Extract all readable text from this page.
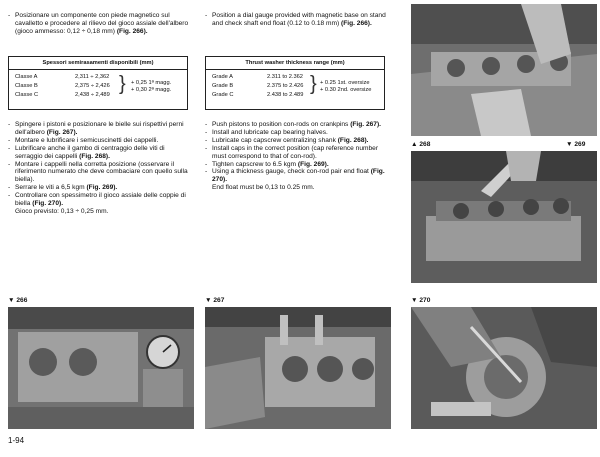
- Posizionare un componente con piede magnetico sul cavalletto e procedere al rilievo del gioco assiale dell'albero (gioco ammesso: 0,12 ÷ 0,18 mm) (Fig. 266).

Spessori semirasamenti disponibili (mm)
Classe A	2,311 ÷ 2,362
Classe B	2,375 ÷ 2,426
Classe C	2,438 ÷ 2,489 } + 0,25 1ª magg.
+ 0,30 2ª magg.

- Spingere i pistoni e posizionare le bielle sui rispettivi perni dell'albero (Fig. 267).

- Montare e lubrificare i semicuscinetti dei cappelli.

- Lubrificare anche il gambo di centraggio delle viti di serraggio dei cappelli (Fig. 268).

- Montare i cappelli nella corretta posizione (osservare il riferimento numerato che deve combaciare con quello sulla biella).

- Serrare le viti a 6,5 kgm (Fig. 269).

- Controllare con spessimetro il gioco assiale delle coppie di biella (Fig. 270).

Gioco previsto: 0,13 ÷ 0,25 mm.

- Position a dial gauge provided with magnetic base on stand and check shaft end float (0.12 to 0.18 mm) (Fig. 266).

Thrust washer thickness range (mm)
Grade A	2.311 to 2.362
Grade B	2.375 to 2.426
Grade C	2.438 to 2.489 } + 0.25 1st. oversize
+ 0.30 2nd. oversize

- Push pistons to position con-rods on crankpins (Fig. 267).

- Install and lubricate cap bearing halves.

- Lubricate cap capscrew centralizing shank (Fig. 268).

- Install caps in the correct position (cap reference number must correspond to that of con-rod).

- Tighten capscrew to 6.5 kgm (Fig. 269).

- Using a thickness gauge, check con-rod pair end float (Fig. 270).

End float must be 0,13 to 0.25 mm.

▲ 268	▼ 269
▼ 266	▼ 267	▼ 270
1-94
